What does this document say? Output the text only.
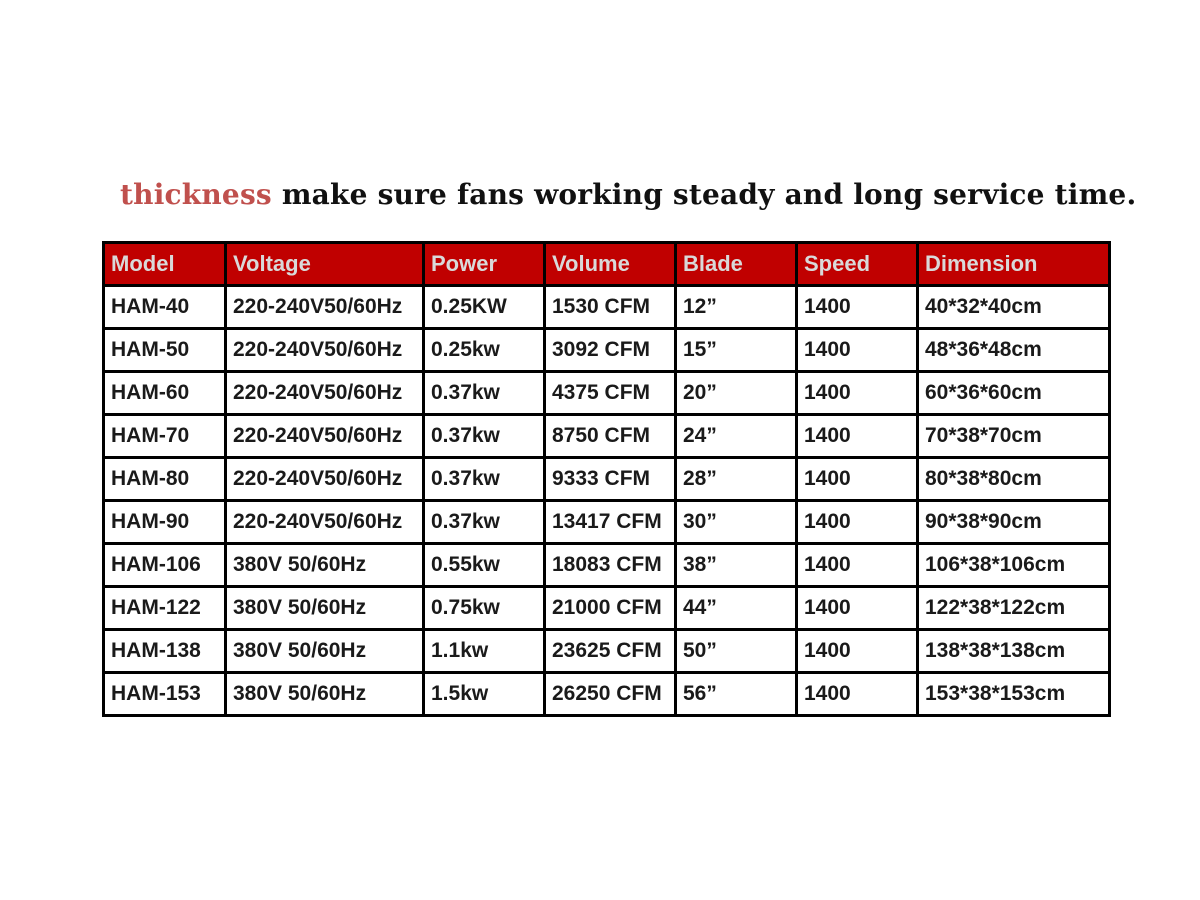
thickness make sure fans working steady and long service time.

Model	Voltage	Power	Volume	Blade	Speed	Dimension
HAM-40	220-240V50/60Hz	0.25KW	1530 CFM	12”	1400	40*32*40cm
HAM-50	220-240V50/60Hz	0.25kw	3092 CFM	15”	1400	48*36*48cm
HAM-60	220-240V50/60Hz	0.37kw	4375 CFM	20”	1400	60*36*60cm
HAM-70	220-240V50/60Hz	0.37kw	8750 CFM	24”	1400	70*38*70cm
HAM-80	220-240V50/60Hz	0.37kw	9333 CFM	28”	1400	80*38*80cm
HAM-90	220-240V50/60Hz	0.37kw	13417 CFM	30”	1400	90*38*90cm
HAM-106	380V 50/60Hz	0.55kw	18083 CFM	38”	1400	106*38*106cm
HAM-122	380V 50/60Hz	0.75kw	21000 CFM	44”	1400	122*38*122cm
HAM-138	380V 50/60Hz	1.1kw	23625 CFM	50”	1400	138*38*138cm
HAM-153	380V 50/60Hz	1.5kw	26250 CFM	56”	1400	153*38*153cm
